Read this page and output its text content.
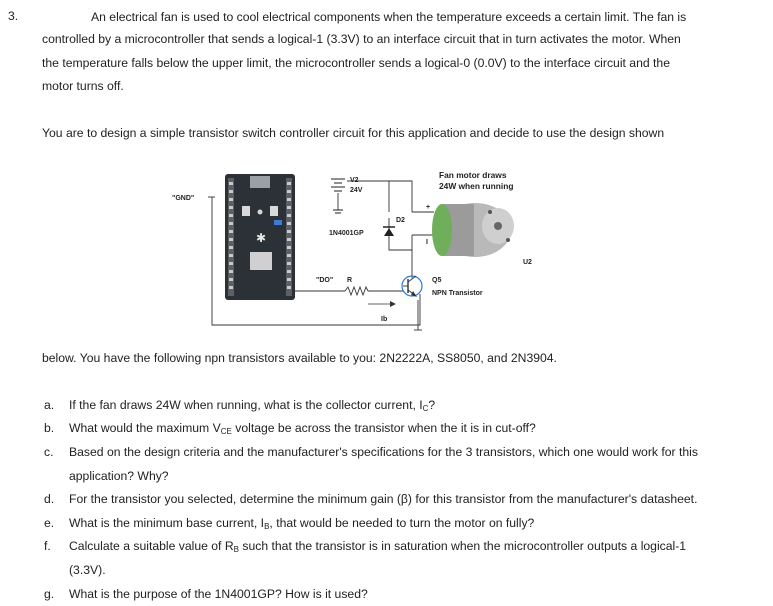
3.	An electrical fan is used to cool electrical components when the temperature exceeds a certain limit. The fan is
controlled by a microcontroller that sends a logical-1 (3.3V) to an interface circuit that in turn activates the motor. When
the temperature falls below the upper limit, the microcontroller sends a logical-0 (0.0V) to the interface circuit and the
motor turns off.
You are to design a simple transistor switch controller circuit for this application and decide to use the design shown
✱
"GND"
"DO" R
V2
24V
D2
1N4001GP
Ib
Q5
NPN Transistor
Fan motor draws
24W when running
+
I
U2
below. You have the following npn transistors available to you: 2N2222A, SS8050, and 2N3904.
a. If the fan draws 24W when running, what is the collector current, $I_C$?
b. What would the maximum $V_{CE}$ voltage be across the transistor when the it is in cut-off?
c. Based on the design criteria and the manufacturer's specifications for the 3 transistors, which one would work for this
application? Why?
d. For the transistor you selected, determine the minimum gain (β) for this transistor from the manufacturer's datasheet.
e. What is the minimum base current, $I_B$, that would be needed to turn the motor on fully?
f. Calculate a suitable value of $R_B$ such that the transistor is in saturation when the microcontroller outputs a logical-1
(3.3V).
g. What is the purpose of the 1N4001GP? How is it used?
